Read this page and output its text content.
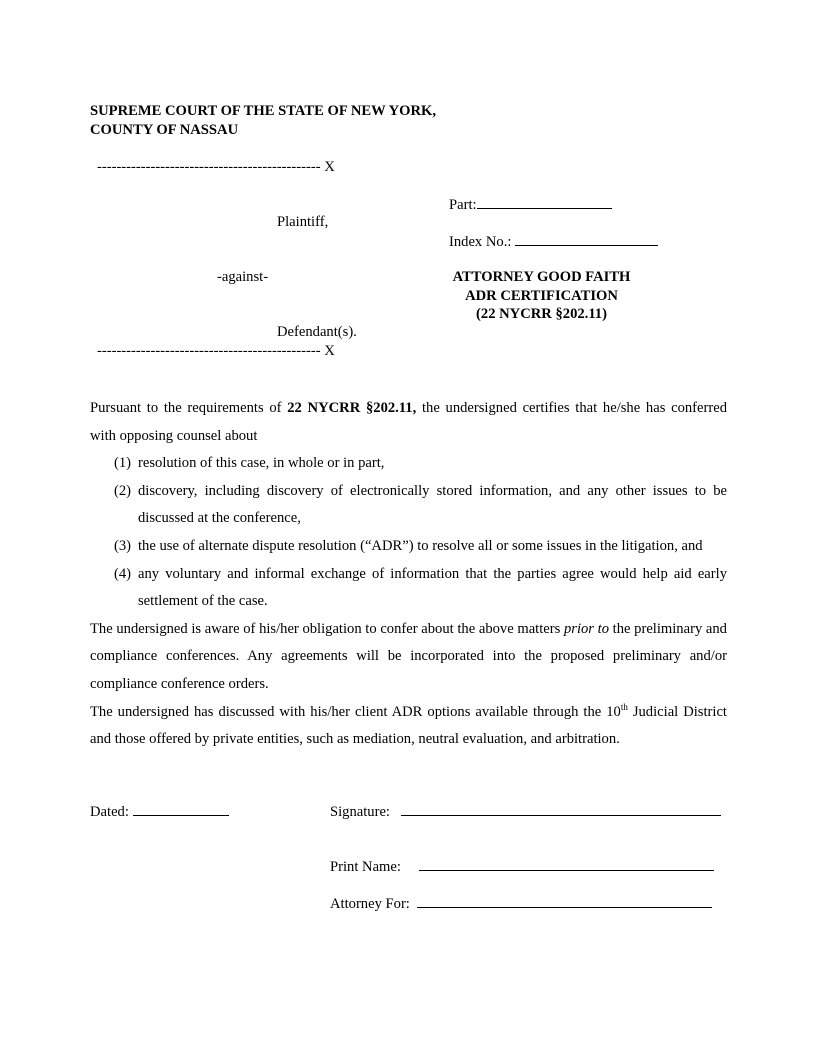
SUPREME COURT OF THE STATE OF NEW YORK,
COUNTY OF NASSAU
---------------------------------------------- X
Plaintiff,
-against-
Defendant(s).
---------------------------------------------- X
Part:
Index No.:
ATTORNEY GOOD FAITH
ADR CERTIFICATION
(22 NYCRR §202.11)

Pursuant to the requirements of 22 NYCRR §202.11, the undersigned certifies that he/she has conferred with opposing counsel about

(1) resolution of this case, in whole or in part,
(2) discovery, including discovery of electronically stored information, and any other issues to be discussed at the conference,
(3) the use of alternate dispute resolution (“ADR”) to resolve all or some issues in the litigation, and
(4) any voluntary and informal exchange of information that the parties agree would help aid early settlement of the case.

The undersigned is aware of his/her obligation to confer about the above matters prior to the preliminary and compliance conferences. Any agreements will be incorporated into the proposed preliminary and/or compliance conference orders.

The undersigned has discussed with his/her client ADR options available through the 10th Judicial District and those offered by private entities, such as mediation, neutral evaluation, and arbitration.

Dated:	Signature:
Print Name:
Attorney For:
